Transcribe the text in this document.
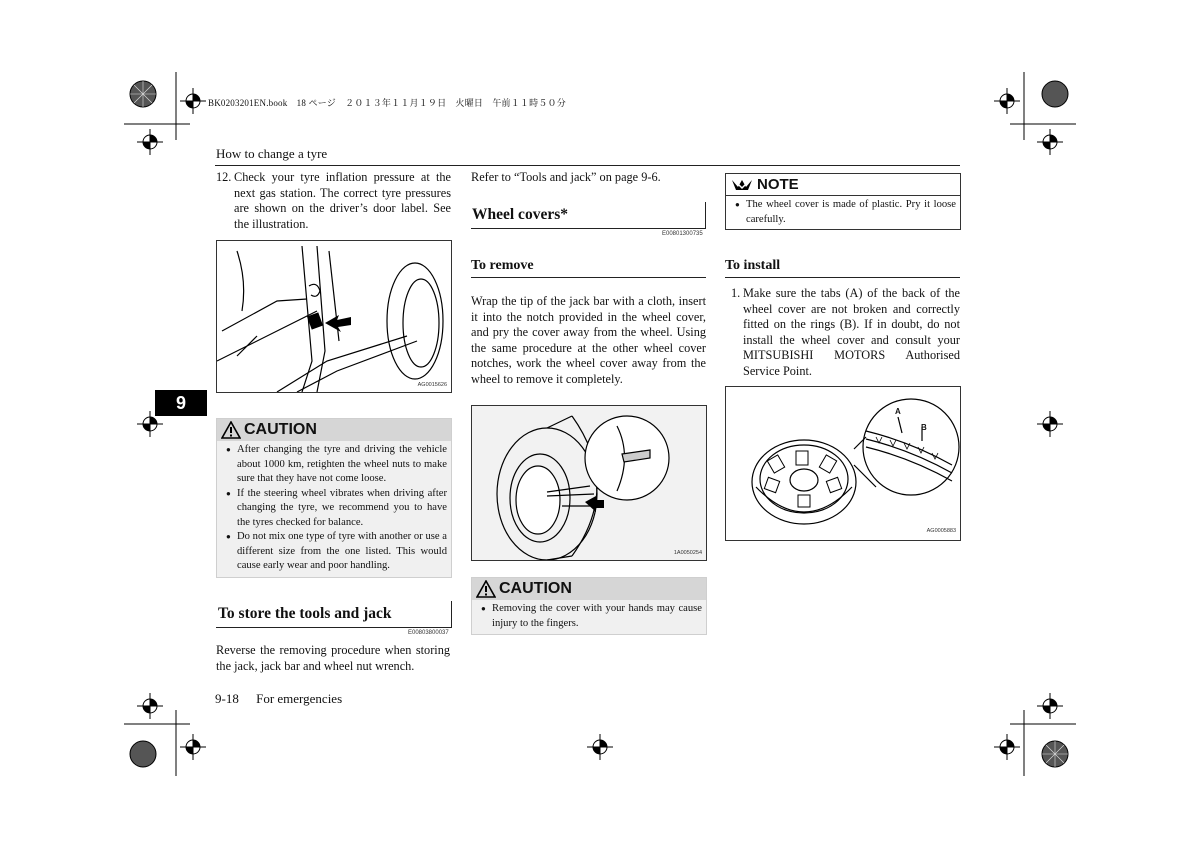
BK0203201EN.book　18 ページ　２０１３年１１月１９日　火曜日　午前１１時５０分
How to change a tyre
9
12. Check your tyre inflation pressure at the next gas station. The correct tyre pressures are shown on the driver’s door label. See the illustration.
AG0015626
CAUTION
● After changing the tyre and driving the vehicle about 1000 km, retighten the wheel nuts to make sure that they have not come loose.
● If the steering wheel vibrates when driving after changing the tyre, we recommend you to have the tyres checked for balance.
● Do not mix one type of tyre with another or use a different size from the one listed. This would cause early wear and poor handling.
To store the tools and jack
E00803800037
Reverse the removing procedure when storing the jack, jack bar and wheel nut wrench.
Refer to “Tools and jack” on page 9-6.
Wheel covers*
E00801300735
To remove
Wrap the tip of the jack bar with a cloth, insert it into the notch provided in the wheel cover, and pry the cover away from the wheel. Using the same procedure at the other wheel cover notches, work the wheel cover away from the wheel to remove it completely.
1A0050254
CAUTION
● Removing the cover with your hands may cause injury to the fingers.
NOTE
● The wheel cover is made of plastic. Pry it loose carefully.
To install
1. Make sure the tabs (A) of the back of the wheel cover are not broken and correctly fitted on the rings (B). If in doubt, do not install the wheel cover and consult your MITSUBISHI MOTORS Authorised Service Point.
A
B
AG0005883
9-18 For emergencies
